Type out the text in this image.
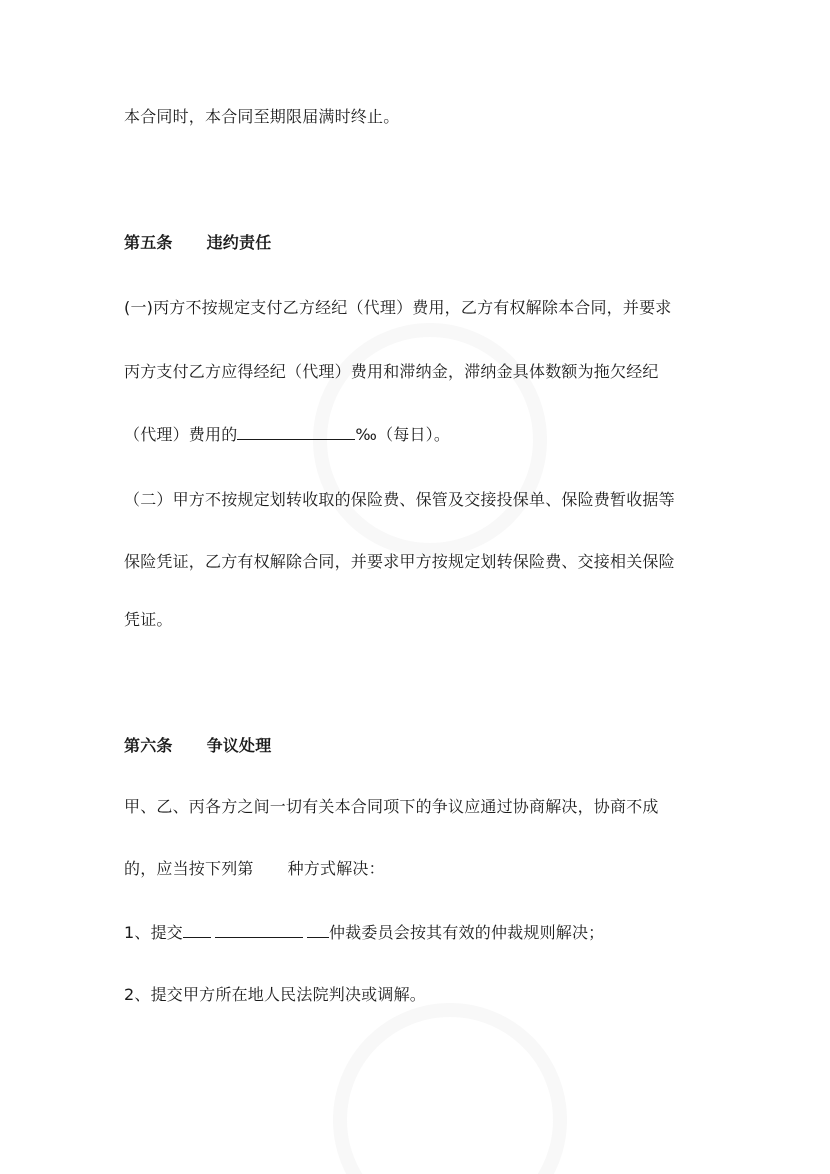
本合同时，本合同至期限届满时终止。
第五条 违约责任
(一)丙方不按规定支付乙方经纪（代理）费用，乙方有权解除本合同，并要求
丙方支付乙方应得经纪（代理）费用和滞纳金，滞纳金具体数额为拖欠经纪
（代理）费用的	‰（每日）。
（二）甲方不按规定划转收取的保险费、保管及交接投保单、保险费暂收据等
保险凭证，乙方有权解除合同，并要求甲方按规定划转保险费、交接相关保险
凭证。
第六条 争议处理
甲、乙、丙各方之间一切有关本合同项下的争议应通过协商解决，协商不成
的，应当按下列第 种方式解决：
1、提交	仲裁委员会按其有效的仲裁规则解决；
2、提交甲方所在地人民法院判决或调解。
